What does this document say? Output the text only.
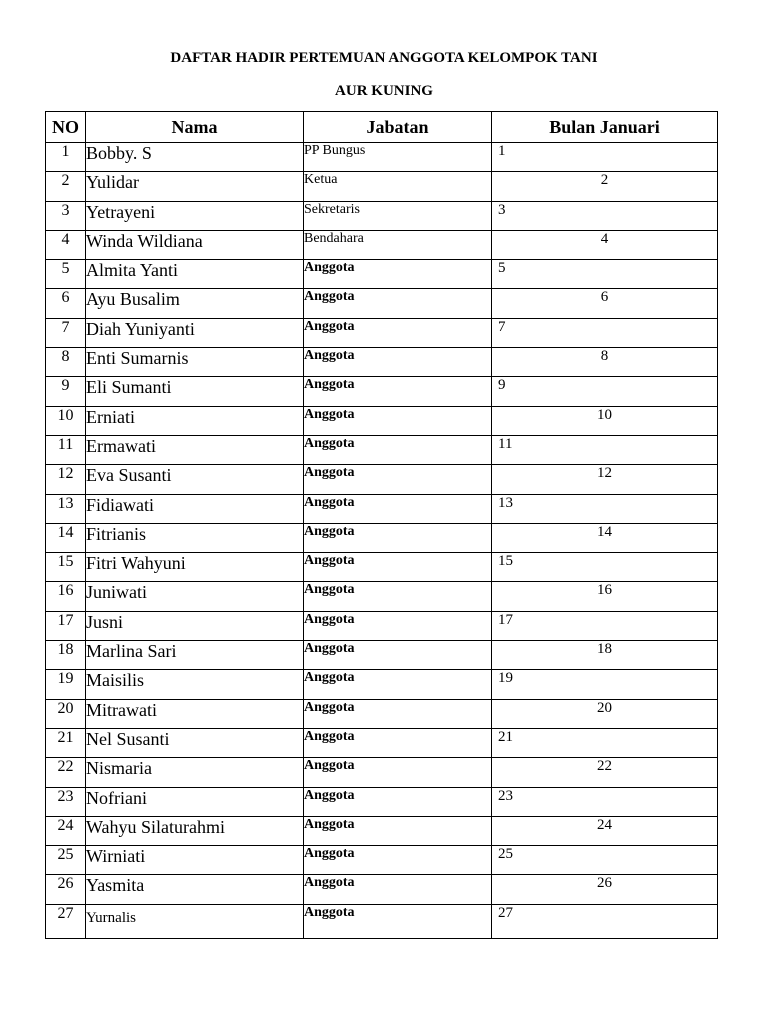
DAFTAR HADIR PERTEMUAN ANGGOTA KELOMPOK TANI
AUR KUNING
NO	Nama	Jabatan	Bulan Januari
1	Bobby. S	PP Bungus	1
2	Yulidar	Ketua	2
3	Yetrayeni	Sekretaris	3
4	Winda Wildiana	Bendahara	4
5	Almita Yanti	Anggota	5
6	Ayu Busalim	Anggota	6
7	Diah Yuniyanti	Anggota	7
8	Enti Sumarnis	Anggota	8
9	Eli Sumanti	Anggota	9
10	Erniati	Anggota	10
11	Ermawati	Anggota	11
12	Eva Susanti	Anggota	12
13	Fidiawati	Anggota	13
14	Fitrianis	Anggota	14
15	Fitri Wahyuni	Anggota	15
16	Juniwati	Anggota	16
17	Jusni	Anggota	17
18	Marlina Sari	Anggota	18
19	Maisilis	Anggota	19
20	Mitrawati	Anggota	20
21	Nel Susanti	Anggota	21
22	Nismaria	Anggota	22
23	Nofriani	Anggota	23
24	Wahyu Silaturahmi	Anggota	24
25	Wirniati	Anggota	25
26	Yasmita	Anggota	26
27	Yurnalis	Anggota	27
